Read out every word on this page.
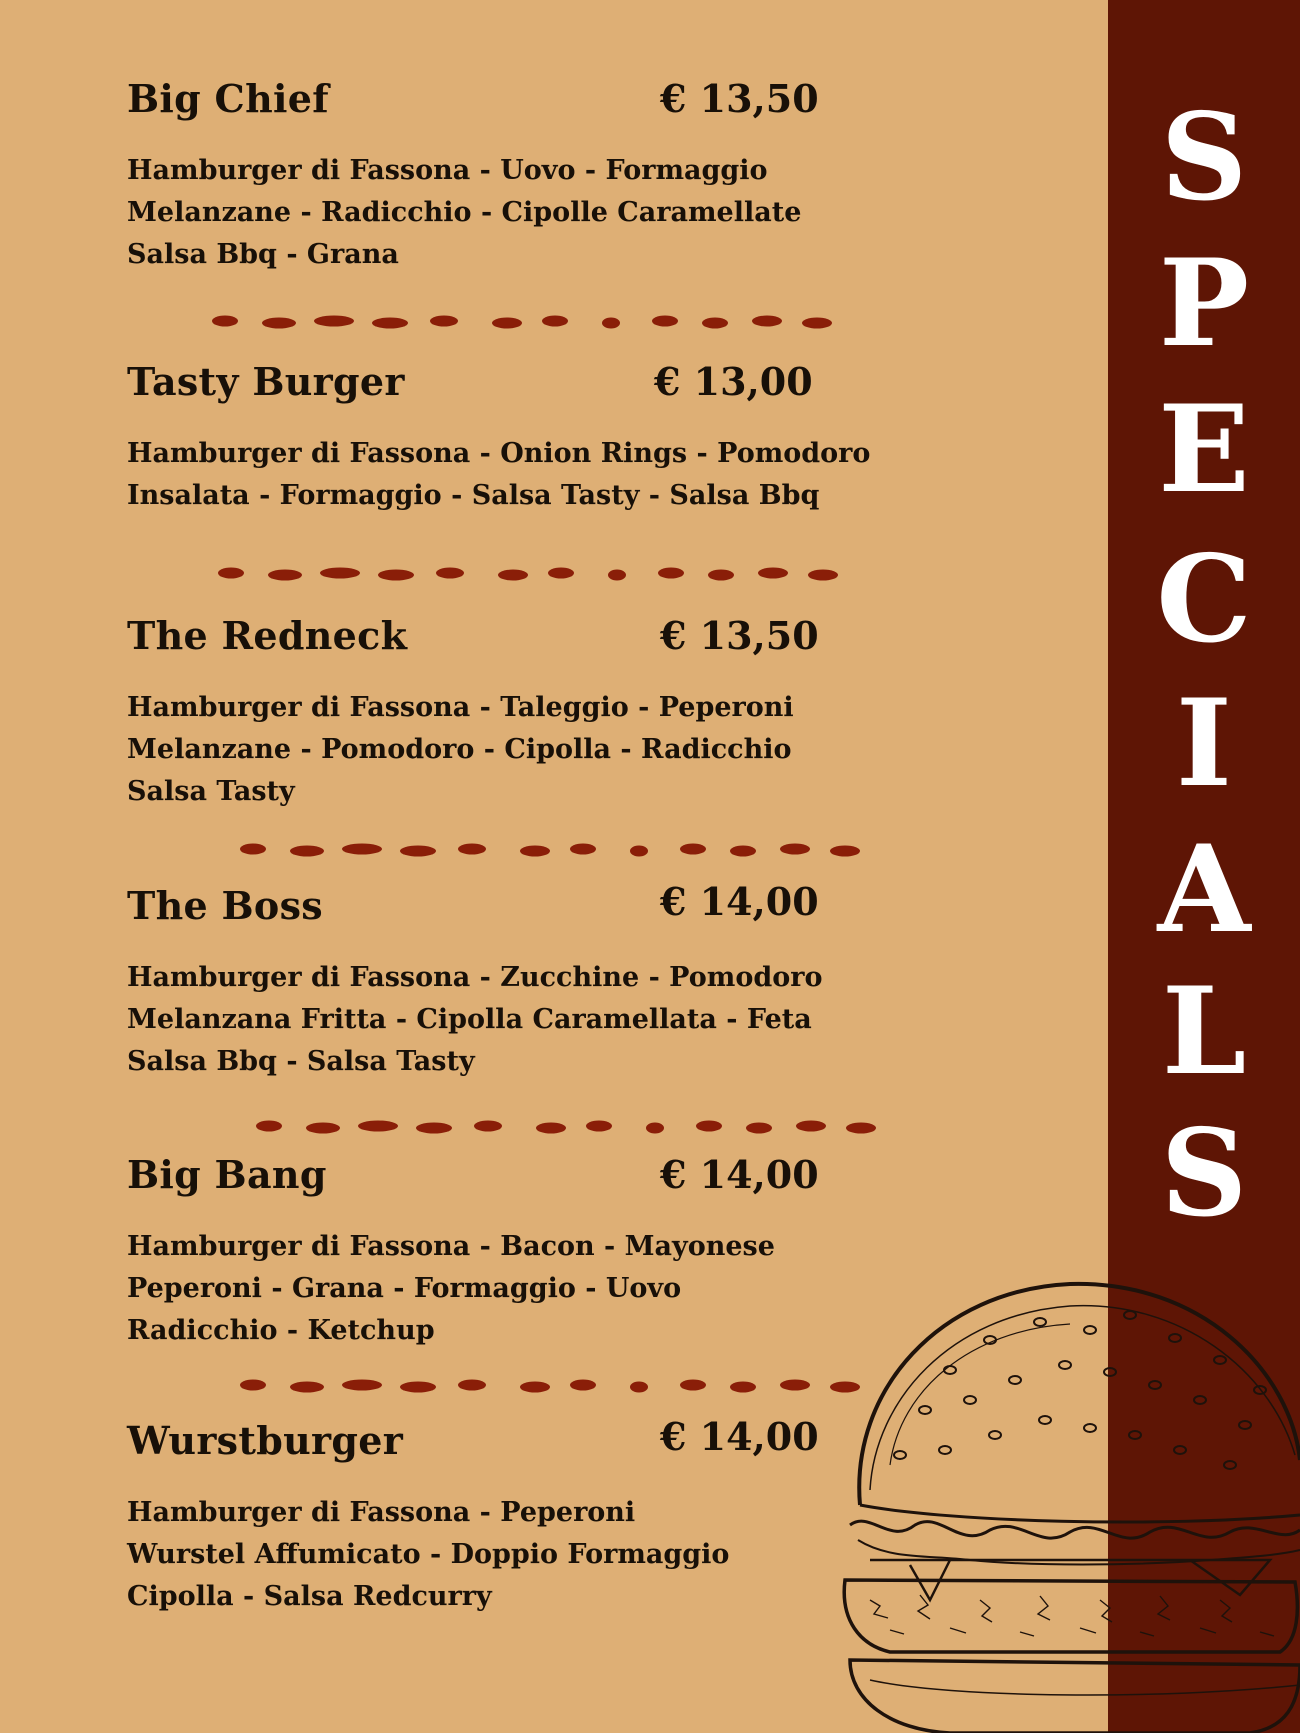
S
P
E
C
I
A
L
S
Big Chief	€ 13,50
Hamburger di Fassona - Uovo - Formaggio
Melanzane - Radicchio - Cipolle Caramellate
Salsa Bbq - Grana
Tasty Burger	€ 13,00
Hamburger di Fassona - Onion Rings - Pomodoro
Insalata - Formaggio - Salsa Tasty - Salsa Bbq
The Redneck	€ 13,50
Hamburger di Fassona - Taleggio - Peperoni
Melanzane - Pomodoro - Cipolla - Radicchio
Salsa Tasty
The Boss	€ 14,00
Hamburger di Fassona - Zucchine - Pomodoro
Melanzana Fritta - Cipolla Caramellata - Feta
Salsa Bbq - Salsa Tasty
Big Bang	€ 14,00
Hamburger di Fassona - Bacon - Mayonese
Peperoni - Grana - Formaggio - Uovo
Radicchio - Ketchup
Wurstburger	€ 14,00
Hamburger di Fassona - Peperoni
Wurstel Affumicato - Doppio Formaggio
Cipolla - Salsa Redcurry
